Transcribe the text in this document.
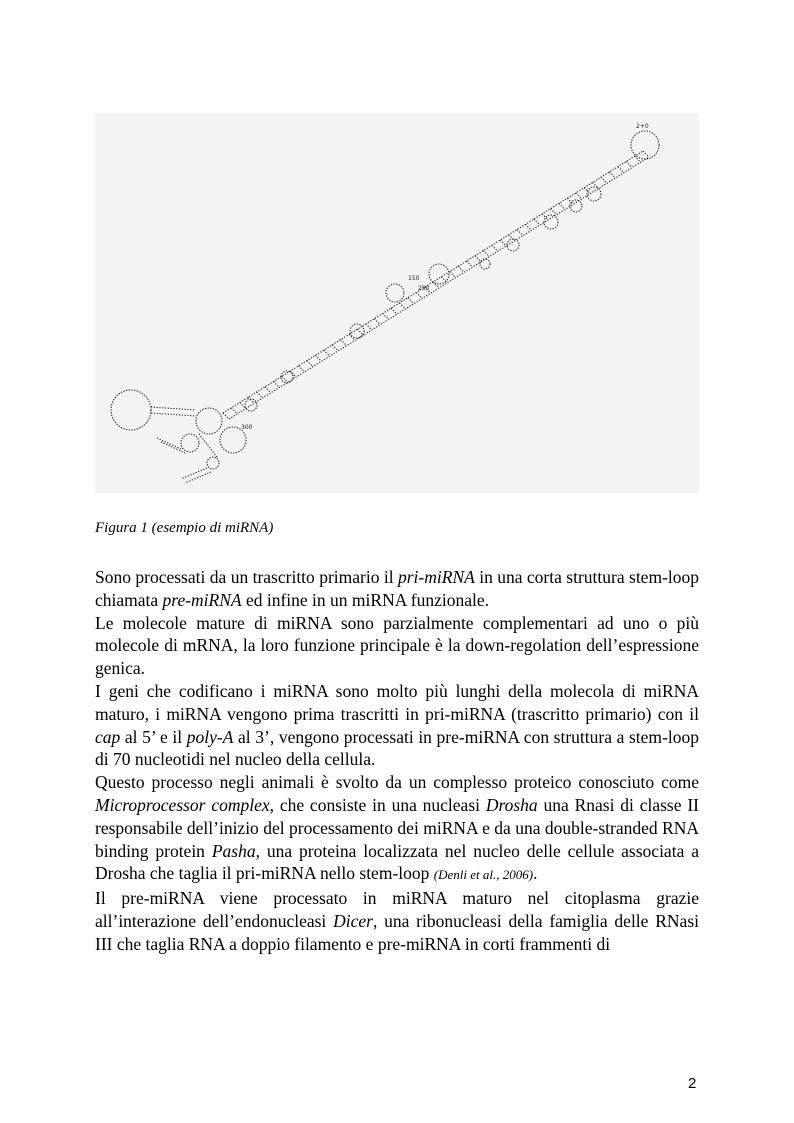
2+0
150
250
300
Figura 1 (esempio di miRNA)

Sono processati da un trascritto primario il pri-miRNA in una corta struttura stem-loop chiamata pre-miRNA ed infine in un miRNA funzionale.

Le molecole mature di miRNA sono parzialmente complementari ad uno o più molecole di mRNA, la loro funzione principale è la down-regolation dell’espressione genica.

I geni che codificano i miRNA sono molto più lunghi della molecola di miRNA maturo, i miRNA vengono prima trascritti in pri-miRNA (trascritto primario) con il cap al 5’ e il poly-A al 3’, vengono processati in pre-miRNA con struttura a stem-loop di 70 nucleotidi nel nucleo della cellula.

Questo processo negli animali è svolto da un complesso proteico conosciuto come Microprocessor complex, che consiste in una nucleasi Drosha una Rnasi di classe II responsabile dell’inizio del processamento dei miRNA e da una double-stranded RNA binding protein Pasha, una proteina localizzata nel nucleo delle cellule associata a Drosha che taglia il pri-miRNA nello stem-loop (Denli et al., 2006).

Il pre-miRNA viene processato in miRNA maturo nel citoplasma grazie all’interazione dell’endonucleasi Dicer, una ribonucleasi della famiglia delle RNasi III che taglia RNA a doppio filamento e pre-miRNA in corti frammenti di

2
